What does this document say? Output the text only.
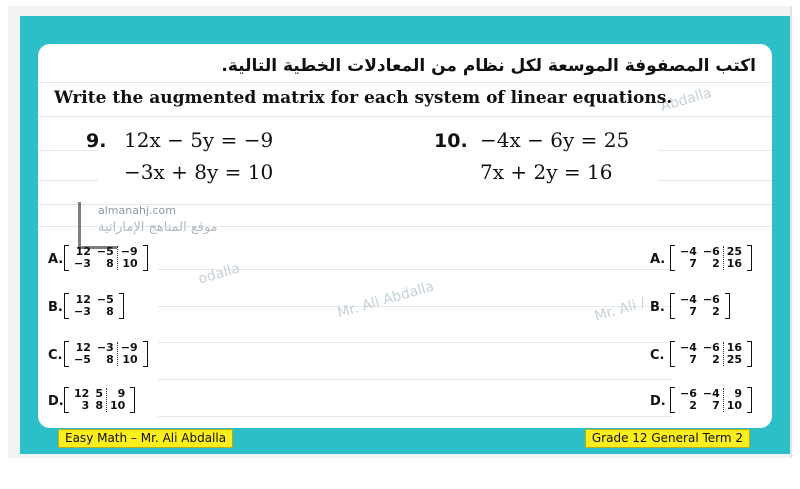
Abdalla
odalla
Mr. Ali Abdalla	Mr. Ali /
almanahj.com
موقع المناهج الإماراتية
اكتب المصفوفة الموسعة لكل نظام من المعادلات الخطية التالية.
Write the augmented matrix for each system of linear equations.
9. 12x − 5y = −9
−3x + 8y = 10
10. −4x − 6y = 25
7x + 2y = 16
A.
12
−3
−5
8
−9
10
B.
12
−3
−5
8
C.
12
−5
−3
8
−9
10
D.
12
3
5
8
9
10
A.
−4
7
−6
2
25
16
B.
−4
7
−6
2
C.
−4
7
−6
2
16
25
D.
−6
2
−4
7
9
10
Easy Math – Mr. Ali Abdalla	Grade 12 General Term 2
